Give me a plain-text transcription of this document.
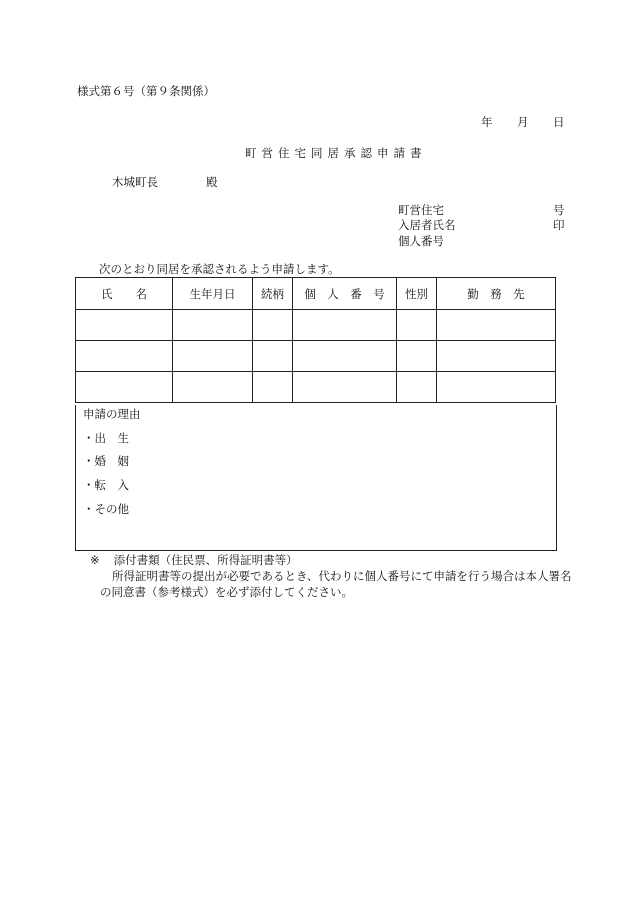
様式第６号（第９条関係）
年 月 日
町営住宅同居承認申請書
木城町長	殿
町営住宅	号
入居者氏名	印
個人番号
次のとおり同居を承認されるよう申請します。
氏　　名	生年月日	続柄	個　人　番　号	性別	勤　務　先

申請の理由
・出　生
・婚　姻
・転　入
・その他
※ 添付書類（住民票、所得証明書等）
所得証明書等の提出が必要であるとき、代わりに個人番号にて申請を行う場合は本人署名
の同意書（参考様式）を必ず添付してください。
